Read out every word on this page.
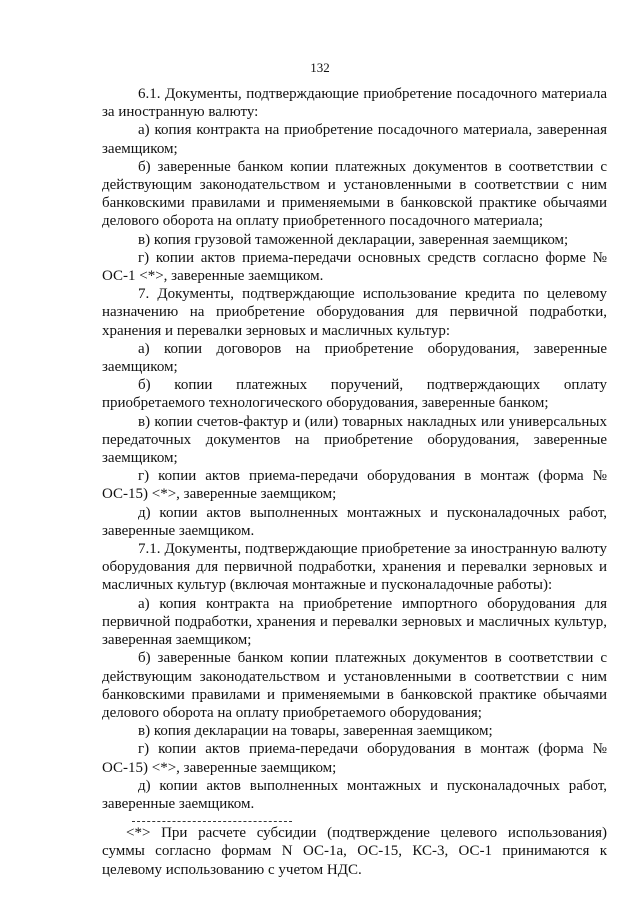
132

6.1. Документы, подтверждающие приобретение посадочного материала за иностранную валюту:

а) копия контракта на приобретение посадочного материала, заверенная заемщиком;

б) заверенные банком копии платежных документов в соответствии с действующим законодательством и установленными в соответствии с ним банковскими правилами и применяемыми в банковской практике обычаями делового оборота на оплату приобретенного посадочного материала;

в) копия грузовой таможенной декларации, заверенная заемщиком;

г) копии актов приема-передачи основных средств согласно форме № ОС-1 <*>, заверенные заемщиком.

7. Документы, подтверждающие использование кредита по целевому назначению на приобретение оборудования для первичной подработки, хранения и перевалки зерновых и масличных культур:

а) копии договоров на приобретение оборудования, заверенные заемщиком;

б) копии платежных поручений, подтверждающих оплату приобретаемого технологического оборудования, заверенные банком;

в) копии счетов-фактур и (или) товарных накладных или универсальных передаточных документов на приобретение оборудования, заверенные заемщиком;

г) копии актов приема-передачи оборудования в монтаж (форма № ОС-15) <*>, заверенные заемщиком;

д) копии актов выполненных монтажных и пусконаладочных работ, заверенные заемщиком.

7.1. Документы, подтверждающие приобретение за иностранную валюту оборудования для первичной подработки, хранения и перевалки зерновых и масличных культур (включая монтажные и пусконаладочные работы):

а) копия контракта на приобретение импортного оборудования для первичной подработки, хранения и перевалки зерновых и масличных культур, заверенная заемщиком;

б) заверенные банком копии платежных документов в соответствии с действующим законодательством и установленными в соответствии с ним банковскими правилами и применяемыми в банковской практике обычаями делового оборота на оплату приобретаемого оборудования;

в) копия декларации на товары, заверенная заемщиком;

г) копии актов приема-передачи оборудования в монтаж (форма № ОС-15) <*>, заверенные заемщиком;

д) копии актов выполненных монтажных и пусконаладочных работ, заверенные заемщиком.

<*> При расчете субсидии (подтверждение целевого использования) суммы согласно формам N ОС-1а, ОС-15, КС-3, ОС-1 принимаются к целевому использованию с учетом НДС.
